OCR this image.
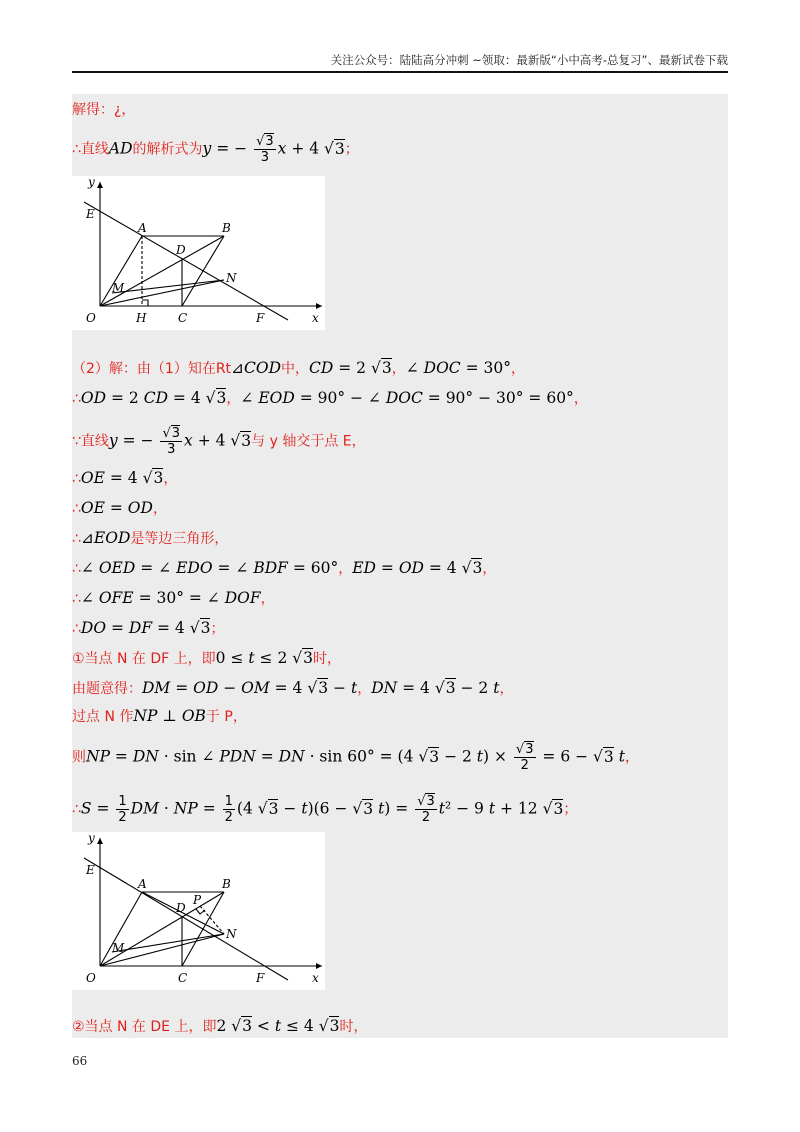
关注公众号：陆陆高分冲刺 ~领取：最新版“小中高考-总复习”、最新试卷下载
解得：¿，
∴直线AD的解析式为y = − $\frac{√3}{3}$ x + 4 √3；
y
x
O
E
A	B
D
M
N
H	C	F
（2）解：由（1）知在Rt⊿COD中，CD = 2 √3，∠ DOC = 30°，
∴OD = 2 CD = 4 √3，∠ EOD = 90° − ∠ DOC = 90° − 30° = 60°，
∵直线y = − $\frac{√3}{3}$ x + 4 √3与 y 轴交于点 E，
∴OE = 4 √3，
∴OE = OD，
∴⊿EOD是等边三角形，
∴∠ OED = ∠ EDO = ∠ BDF = 60°，ED = OD = 4 √3，
∴∠ OFE = 30° = ∠ DOF，
∴DO = DF = 4 √3；
①当点 N 在 DF 上，即0 ≤ t ≤ 2 √3时，
由题意得：DM = OD − OM = 4 √3 − t，DN = 4 √3 − 2 t，
过点 N 作NP ⊥ OB于 P，
则NP = DN · sin ∠ PDN = DN · sin 60° = (4 √3 − 2 $t) \times \frac{√3}{2} = 6 - √3$ t，
∴S = $\frac{1}{2}$ DM · NP = $\frac{1}{2} (4$ √3 − t)(6 − √3 $t) = \frac{√3}{2} t^2 - 9$ t + 12 √3；
y
x
O
E
A	B
D
P
M
N
C	F
②当点 N 在 DE 上，即2 √3 < t ≤ 4 √3时，
66
